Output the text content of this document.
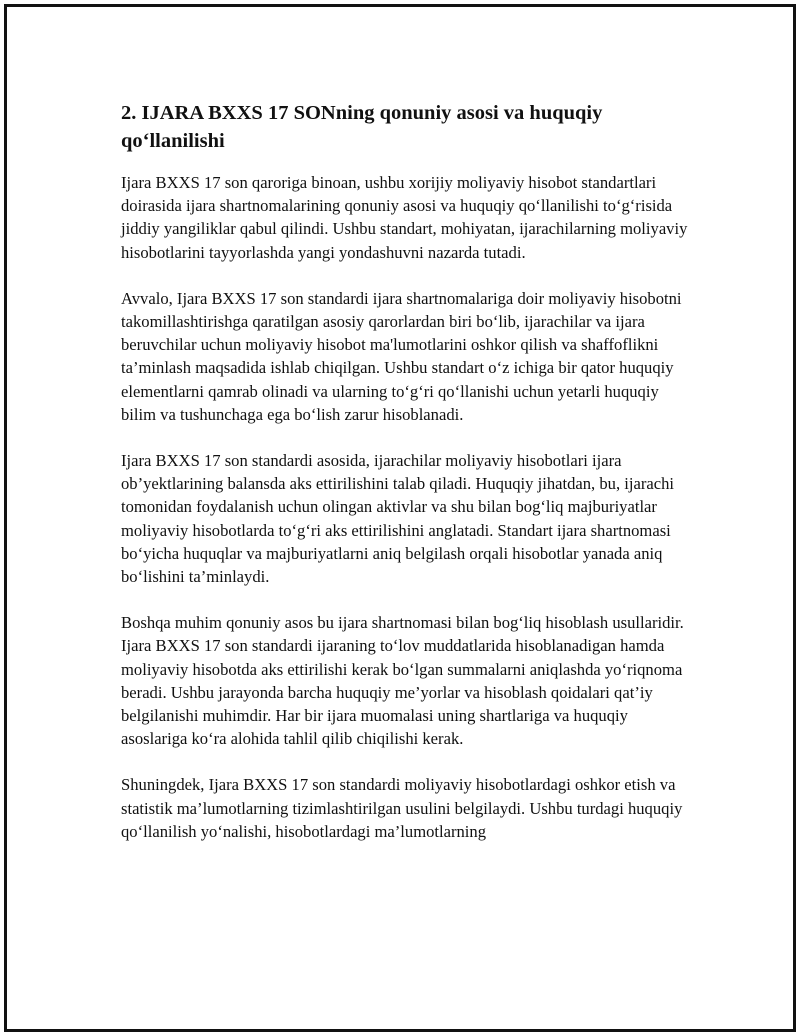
2. IJARA BXXS 17 SONning qonuniy asosi va huquqiy qo‘llanilishi

Ijara BXXS 17 son qaroriga binoan, ushbu xorijiy moliyaviy hisobot standartlari doirasida ijara shartnomalarining qonuniy asosi va huquqiy qo‘llanilishi to‘g‘risida jiddiy yangiliklar qabul qilindi. Ushbu standart, mohiyatan, ijarachilarning moliyaviy hisobotlarini tayyorlashda yangi yondashuvni nazarda tutadi.

Avvalo, Ijara BXXS 17 son standardi ijara shartnomalariga doir moliyaviy hisobotni takomillashtirishga qaratilgan asosiy qarorlardan biri bo‘lib, ijarachilar va ijara beruvchilar uchun moliyaviy hisobot ma'lumotlarini oshkor qilish va shaffoflikni ta’minlash maqsadida ishlab chiqilgan. Ushbu standart o‘z ichiga bir qator huquqiy elementlarni qamrab olinadi va ularning to‘g‘ri qo‘llanishi uchun yetarli huquqiy bilim va tushunchaga ega bo‘lish zarur hisoblanadi.

Ijara BXXS 17 son standardi asosida, ijarachilar moliyaviy hisobotlari ijara ob’yektlarining balansda aks ettirilishini talab qiladi. Huquqiy jihatdan, bu, ijarachi tomonidan foydalanish uchun olingan aktivlar va shu bilan bog‘liq majburiyatlar moliyaviy hisobotlarda to‘g‘ri aks ettirilishini anglatadi. Standart ijara shartnomasi bo‘yicha huquqlar va majburiyatlarni aniq belgilash orqali hisobotlar yanada aniq bo‘lishini ta’minlaydi.

Boshqa muhim qonuniy asos bu ijara shartnomasi bilan bog‘liq hisoblash usullaridir. Ijara BXXS 17 son standardi ijaraning to‘lov muddatlarida hisoblanadigan hamda moliyaviy hisobotda aks ettirilishi kerak bo‘lgan summalarni aniqlashda yo‘riqnoma beradi. Ushbu jarayonda barcha huquqiy me’yorlar va hisoblash qoidalari qat’iy belgilanishi muhimdir. Har bir ijara muomalasi uning shartlariga va huquqiy asoslariga ko‘ra alohida tahlil qilib chiqilishi kerak.

Shuningdek, Ijara BXXS 17 son standardi moliyaviy hisobotlardagi oshkor etish va statistik ma’lumotlarning tizimlashtirilgan usulini belgilaydi. Ushbu turdagi huquqiy qo‘llanilish yo‘nalishi, hisobotlardagi ma’lumotlarning
